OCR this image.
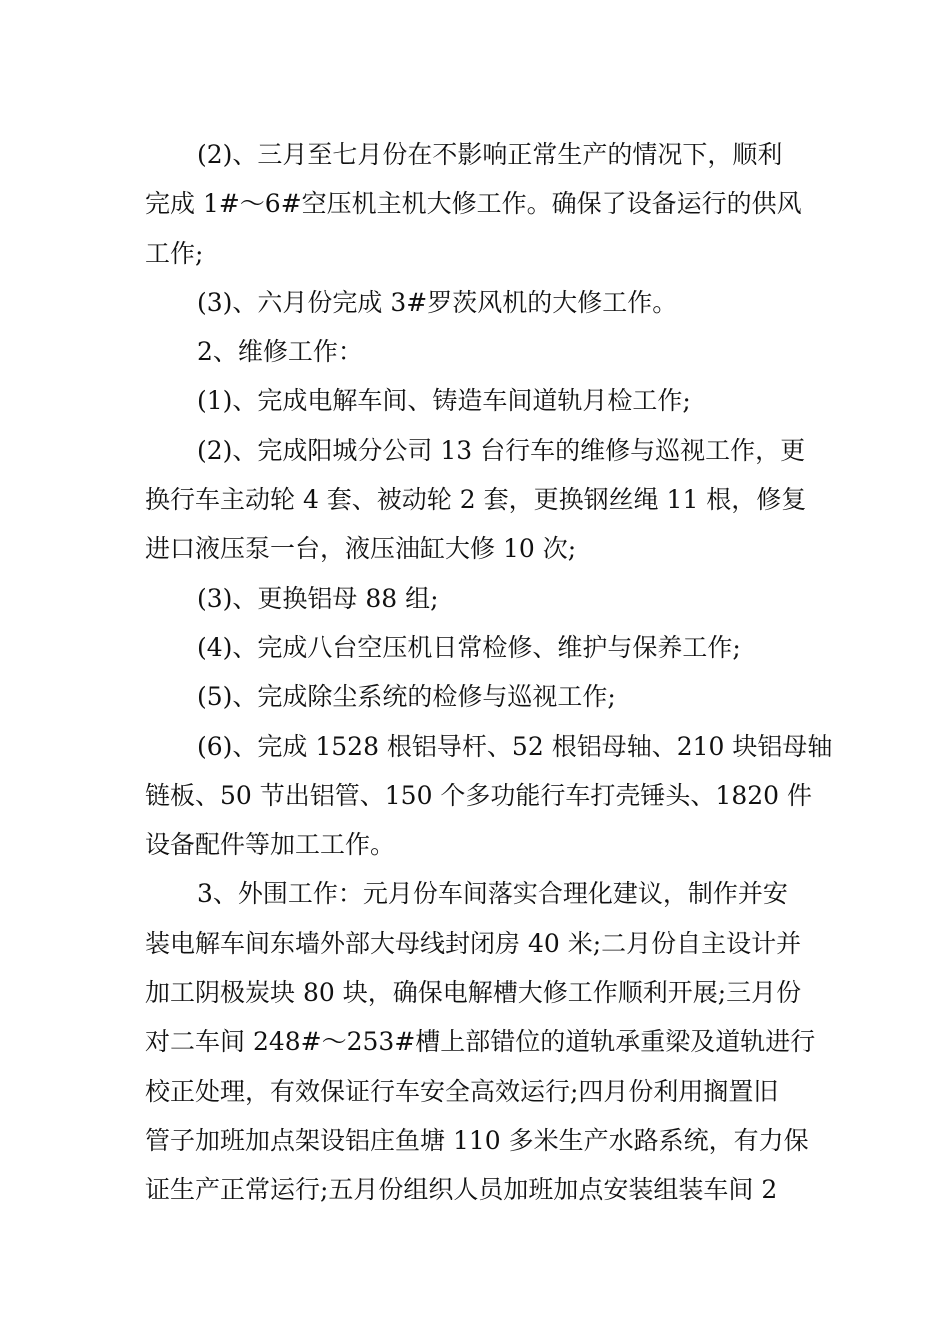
(2)、三月至七月份在不影响正常生产的情况下，顺利
完成 1#～6#空压机主机大修工作。确保了设备运行的供风
工作;
(3)、六月份完成 3#罗茨风机的大修工作。
2、维修工作：
(1)、完成电解车间、铸造车间道轨月检工作;
(2)、完成阳城分公司 13 台行车的维修与巡视工作，更
换行车主动轮 4 套、被动轮 2 套，更换钢丝绳 11 根，修复
进口液压泵一台，液压油缸大修 10 次;
(3)、更换铝母 88 组;
(4)、完成八台空压机日常检修、维护与保养工作;
(5)、完成除尘系统的检修与巡视工作;
(6)、完成 1528 根铝导杆、52 根铝母轴、210 块铝母轴
链板、50 节出铝管、150 个多功能行车打壳锤头、1820 件
设备配件等加工工作。
3、外围工作：元月份车间落实合理化建议，制作并安
装电解车间东墙外部大母线封闭房 40 米;二月份自主设计并
加工阴极炭块 80 块，确保电解槽大修工作顺利开展;三月份
对二车间 248#～253#槽上部错位的道轨承重梁及道轨进行
校正处理，有效保证行车安全高效运行;四月份利用搁置旧
管子加班加点架设铝庄鱼塘 110 多米生产水路系统，有力保
证生产正常运行;五月份组织人员加班加点安装组装车间 2
